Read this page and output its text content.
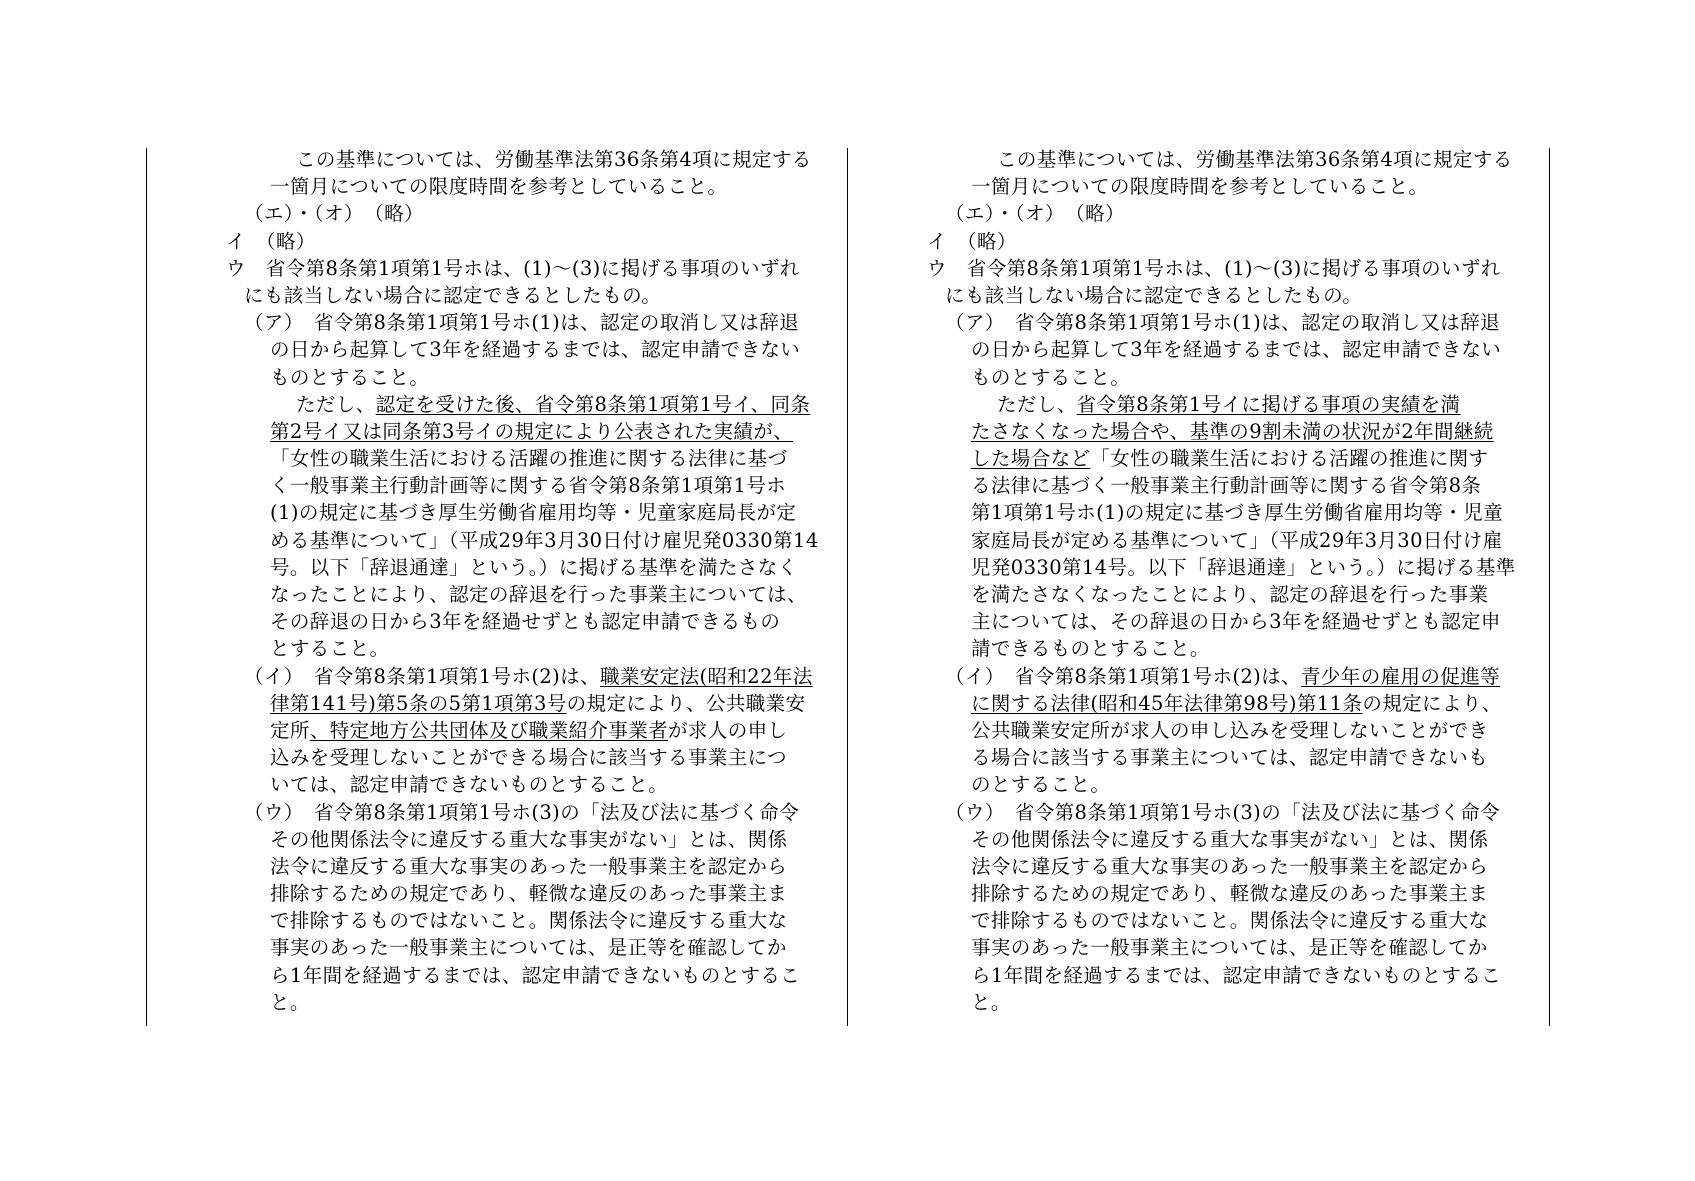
この基準については、労働基準法第36条第4項に規定する
一箇月についての限度時間を参考としていること。
（エ）・（オ）　（略）
イ　（略）
ウ　省令第8条第1項第1号ホは、(1)～(3)に掲げる事項のいずれ
にも該当しない場合に認定できるとしたもの。
（ア）　省令第8条第1項第1号ホ(1)は、認定の取消し又は辞退
の日から起算して3年を経過するまでは、認定申請できない
ものとすること。
ただし、認定を受けた後、省令第8条第1項第1号イ、同条
第2号イ又は同条第3号イの規定により公表された実績が、
「女性の職業生活における活躍の推進に関する法律に基づ
く一般事業主行動計画等に関する省令第8条第1項第1号ホ
(1)の規定に基づき厚生労働省雇用均等・児童家庭局長が定
める基準について」（平成29年3月30日付け雇児発0330第14
号。以下「辞退通達」という。）に掲げる基準を満たさなく
なったことにより、認定の辞退を行った事業主については、
その辞退の日から3年を経過せずとも認定申請できるもの
とすること。
（イ）　省令第8条第1項第1号ホ(2)は、職業安定法(昭和22年法
律第141号)第5条の5第1項第3号の規定により、公共職業安
定所、特定地方公共団体及び職業紹介事業者が求人の申し
込みを受理しないことができる場合に該当する事業主につ
いては、認定申請できないものとすること。
（ウ）　省令第8条第1項第1号ホ(3)の「法及び法に基づく命令
その他関係法令に違反する重大な事実がない」とは、関係
法令に違反する重大な事実のあった一般事業主を認定から
排除するための規定であり、軽微な違反のあった事業主ま
で排除するものではないこと。関係法令に違反する重大な
事実のあった一般事業主については、是正等を確認してか
ら1年間を経過するまでは、認定申請できないものとするこ
と。
この基準については、労働基準法第36条第4項に規定する
一箇月についての限度時間を参考としていること。
（エ）・（オ）　（略）
イ　（略）
ウ　省令第8条第1項第1号ホは、(1)～(3)に掲げる事項のいずれ
にも該当しない場合に認定できるとしたもの。
（ア）　省令第8条第1項第1号ホ(1)は、認定の取消し又は辞退
の日から起算して3年を経過するまでは、認定申請できない
ものとすること。
ただし、省令第8条第1号イに掲げる事項の実績を満
たさなくなった場合や、基準の9割未満の状況が2年間継続
した場合など「女性の職業生活における活躍の推進に関す
る法律に基づく一般事業主行動計画等に関する省令第8条
第1項第1号ホ(1)の規定に基づき厚生労働省雇用均等・児童
家庭局長が定める基準について」（平成29年3月30日付け雇
児発0330第14号。以下「辞退通達」という。）に掲げる基準
を満たさなくなったことにより、認定の辞退を行った事業
主については、その辞退の日から3年を経過せずとも認定申
請できるものとすること。
（イ）　省令第8条第1項第1号ホ(2)は、青少年の雇用の促進等
に関する法律(昭和45年法律第98号)第11条の規定により、
公共職業安定所が求人の申し込みを受理しないことができ
る場合に該当する事業主については、認定申請できないも
のとすること。
（ウ）　省令第8条第1項第1号ホ(3)の「法及び法に基づく命令
その他関係法令に違反する重大な事実がない」とは、関係
法令に違反する重大な事実のあった一般事業主を認定から
排除するための規定であり、軽微な違反のあった事業主ま
で排除するものではないこと。関係法令に違反する重大な
事実のあった一般事業主については、是正等を確認してか
ら1年間を経過するまでは、認定申請できないものとするこ
と。
